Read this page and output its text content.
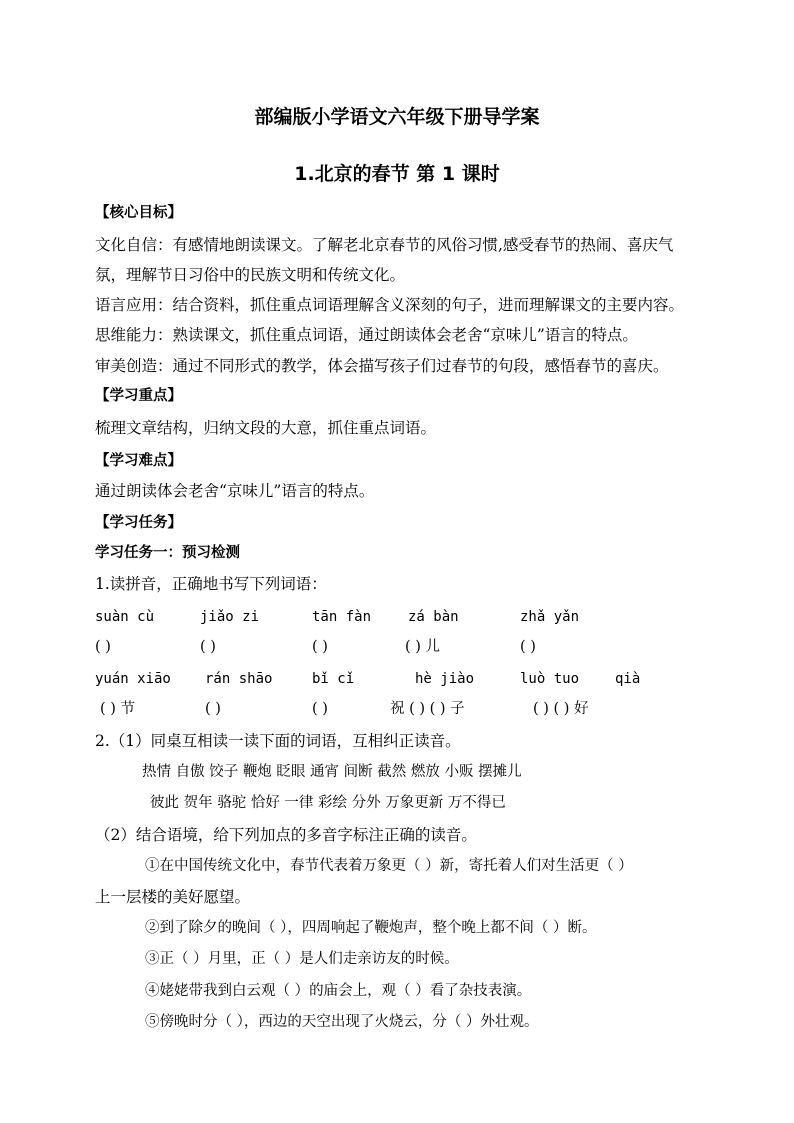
部编版小学语文六年级下册导学案
1.北京的春节 第 1 课时
【核心目标】
文化自信：有感情地朗读课文。了解老北京春节的风俗习惯,感受春节的热闹、喜庆气
氛，理解节日习俗中的民族文明和传统文化。
语言应用：结合资料，抓住重点词语理解含义深刻的句子，进而理解课文的主要内容。
思维能力：熟读课文，抓住重点词语，通过朗读体会老舍“京味儿”语言的特点。
审美创造：通过不同形式的教学，体会描写孩子们过春节的句段，感悟春节的喜庆。
【学习重点】
梳理文章结构，归纳文段的大意，抓住重点词语。
【学习难点】
通过朗读体会老舍“京味儿”语言的特点。
【学习任务】
学习任务一：预习检测
1.读拼音，正确地书写下列词语：
suàn cù	jiǎo zi	tān fàn	zá bàn	zhǎ yǎn
( )	( )	( )	( ) 儿	( )
yuán xiāo rán shāo	bǐ cǐ	hè jiào	luò tuo	qià
( ) 节	( )	( )	祝 ( ) ( ) 子	( ) ( ) 好
2.（1）同桌互相读一读下面的词语，互相纠正读音。
热情 自傲 饺子 鞭炮 眨眼 通宵 间断 截然 燃放 小贩 摆摊儿
彼此 贺年 骆驼 恰好 一律 彩绘 分外 万象更新 万不得已
（2）结合语境，给下列加点的多音字标注正确的读音。
①在中国传统文化中，春节代表着万象更（ ）新，寄托着人们对生活更（ ）
上一层楼的美好愿望。
②到了除夕的晚间（ ），四周响起了鞭炮声，整个晚上都不间（ ）断。
③正（ ）月里，正（ ）是人们走亲访友的时候。
④姥姥带我到白云观（ ）的庙会上，观（ ）看了杂技表演。
⑤傍晚时分（ ），西边的天空出现了火烧云，分（ ）外壮观。
